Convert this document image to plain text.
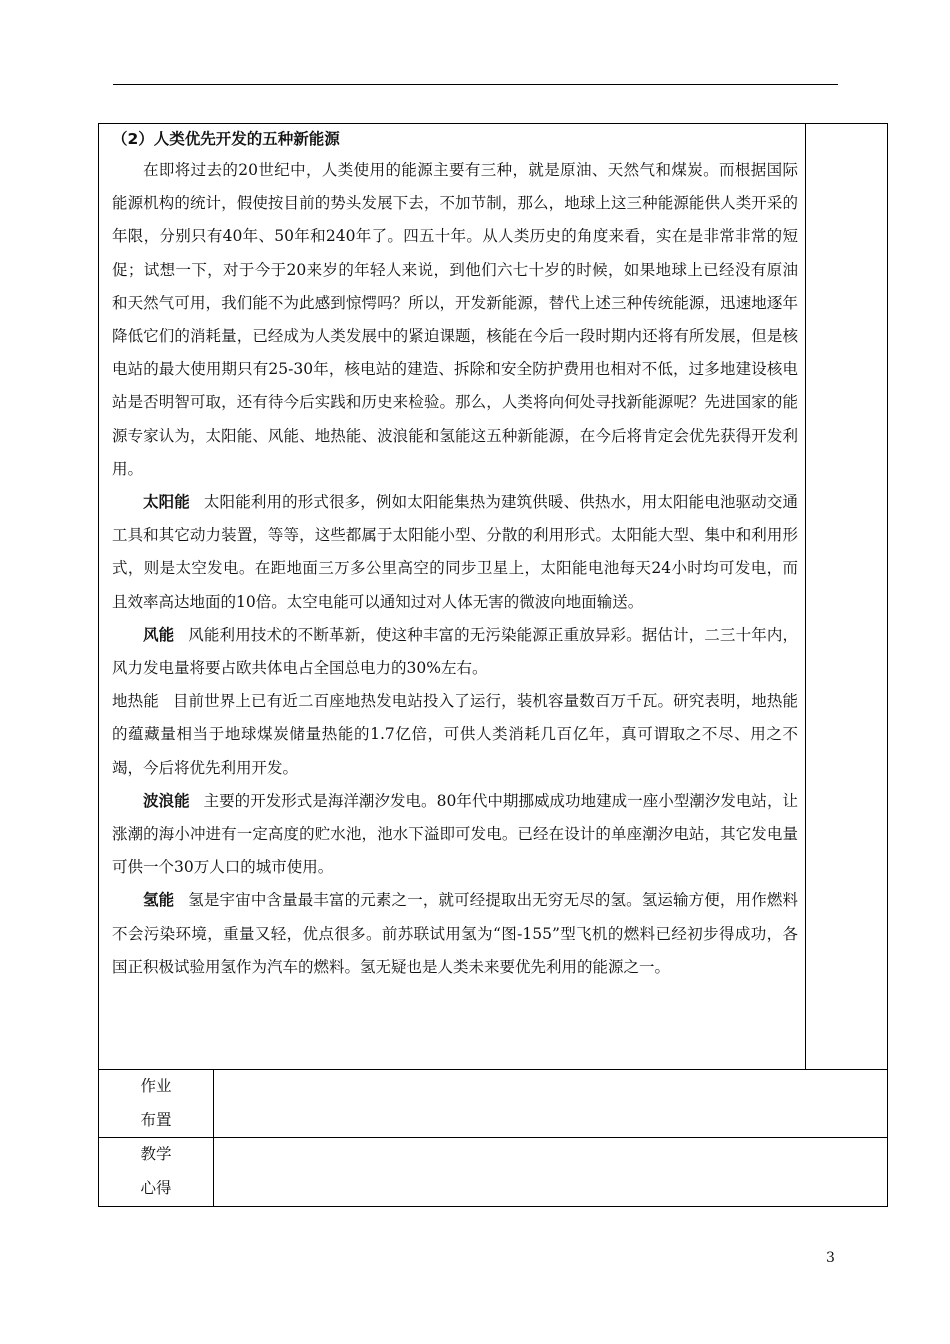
（2）人类优先开发的五种新能源

在即将过去的20世纪中，人类使用的能源主要有三种，就是原油、天然气和煤炭。而根据国际能源机构的统计，假使按目前的势头发展下去，不加节制，那么，地球上这三种能源能供人类开采的年限，分别只有40年、50年和240年了。四五十年。从人类历史的角度来看，实在是非常非常的短促；试想一下，对于今于20来岁的年轻人来说，到他们六七十岁的时候，如果地球上已经没有原油和天然气可用，我们能不为此感到惊愕吗？所以，开发新能源，替代上述三种传统能源，迅速地逐年降低它们的消耗量，已经成为人类发展中的紧迫课题，核能在今后一段时期内还将有所发展，但是核电站的最大使用期只有25-30年，核电站的建造、拆除和安全防护费用也相对不低，过多地建设核电站是否明智可取，还有待今后实践和历史来检验。那么，人类将向何处寻找新能源呢？先进国家的能源专家认为，太阳能、风能、地热能、波浪能和氢能这五种新能源，在今后将肯定会优先获得开发利用。

太阳能 太阳能利用的形式很多，例如太阳能集热为建筑供暖、供热水，用太阳能电池驱动交通工具和其它动力装置，等等，这些都属于太阳能小型、分散的利用形式。太阳能大型、集中和利用形式，则是太空发电。在距地面三万多公里高空的同步卫星上，太阳能电池每天24小时均可发电，而且效率高达地面的10倍。太空电能可以通知过对人体无害的微波向地面输送。

风能 风能利用技术的不断革新，使这种丰富的无污染能源正重放异彩。据估计，二三十年内，风力发电量将要占欧共体电占全国总电力的30%左右。

地热能 目前世界上已有近二百座地热发电站投入了运行，装机容量数百万千瓦。研究表明，地热能的蕴藏量相当于地球煤炭储量热能的1.7亿倍，可供人类消耗几百亿年，真可谓取之不尽、用之不竭，今后将优先利用开发。

波浪能 主要的开发形式是海洋潮汐发电。80年代中期挪威成功地建成一座小型潮汐发电站，让涨潮的海小冲进有一定高度的贮水池，池水下溢即可发电。已经在设计的单座潮汐电站，其它发电量可供一个30万人口的城市使用。

氢能 氢是宇宙中含量最丰富的元素之一，就可经提取出无穷无尽的氢。氢运输方便，用作燃料不会污染环境，重量又轻，优点很多。前苏联试用氢为“图-155”型飞机的燃料已经初步得成功，各国正积极试验用氢作为汽车的燃料。氢无疑也是人类未来要优先利用的能源之一。

作业
布置
教学
心得
3
